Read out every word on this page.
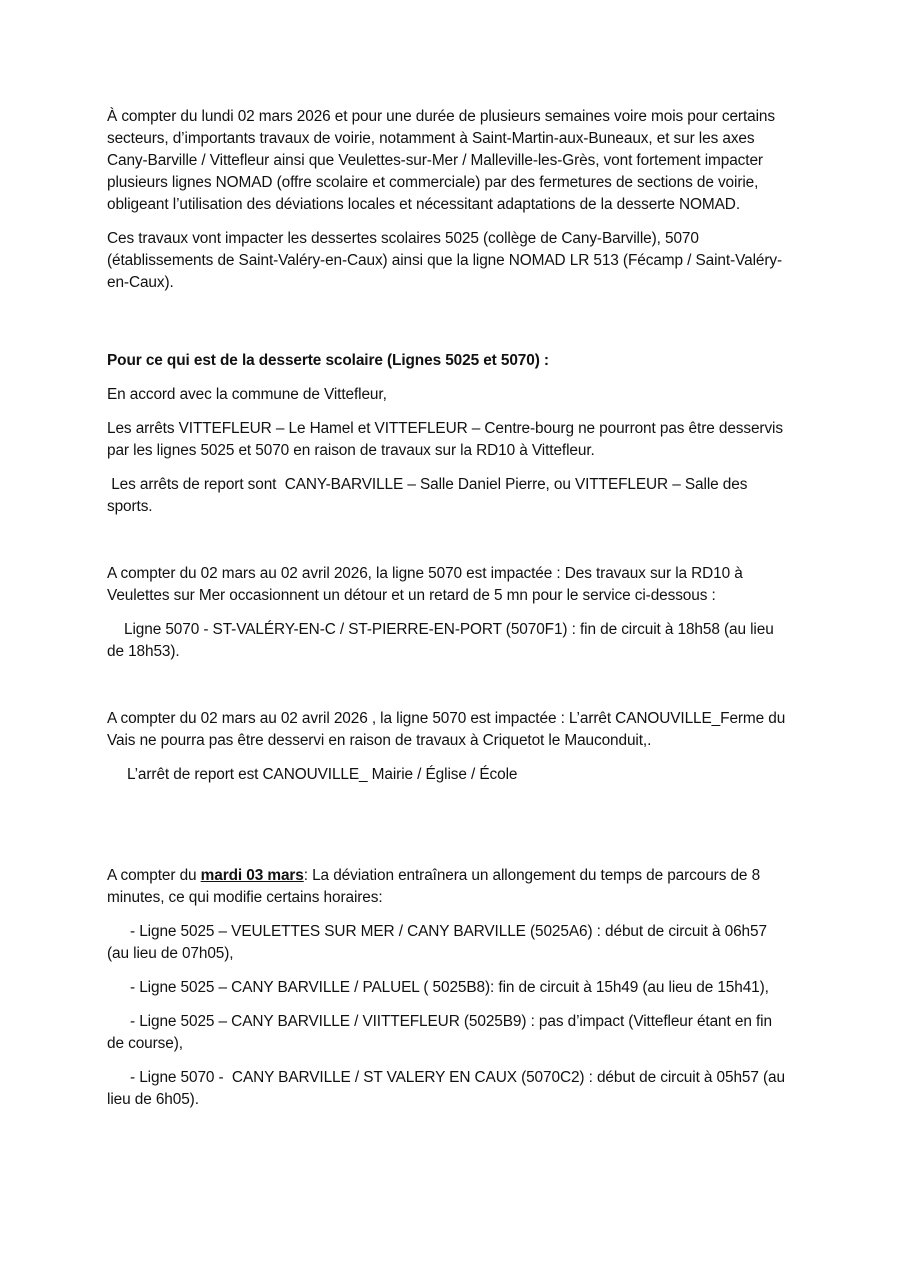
À compter du lundi 02 mars 2026 et pour une durée de plusieurs semaines voire mois pour certains secteurs, d’importants travaux de voirie, notamment à Saint-Martin-aux-Buneaux, et sur les axes Cany-Barville / Vittefleur ainsi que Veulettes-sur-Mer / Malleville-les-Grès, vont fortement impacter plusieurs lignes NOMAD (offre scolaire et commerciale) par des fermetures de sections de voirie, obligeant l’utilisation des déviations locales et nécessitant adaptations de la desserte NOMAD.

Ces travaux vont impacter les dessertes scolaires 5025 (collège de Cany-Barville), 5070 (établissements de Saint-Valéry-en-Caux) ainsi que la ligne NOMAD LR 513 (Fécamp / Saint-Valéry-en-Caux).

Pour ce qui est de la desserte scolaire (Lignes 5025 et 5070) :

En accord avec la commune de Vittefleur,

Les arrêts VITTEFLEUR – Le Hamel et VITTEFLEUR – Centre-bourg ne pourront pas être desservis par les lignes 5025 et 5070 en raison de travaux sur la RD10 à Vittefleur.

Les arrêts de report sont  CANY-BARVILLE – Salle Daniel Pierre, ou VITTEFLEUR – Salle des sports.

A compter du 02 mars au 02 avril 2026, la ligne 5070 est impactée : Des travaux sur la RD10 à Veulettes sur Mer occasionnent un détour et un retard de 5 mn pour le service ci-dessous :

Ligne 5070 - ST-VALÉRY-EN-C / ST-PIERRE-EN-PORT (5070F1) : fin de circuit à 18h58 (au lieu de 18h53).

A compter du 02 mars au 02 avril 2026 , la ligne 5070 est impactée : L’arrêt CANOUVILLE_Ferme du Vais ne pourra pas être desservi en raison de travaux à Criquetot le Mauconduit,.

L’arrêt de report est CANOUVILLE_ Mairie / Église / École

A compter du mardi 03 mars: La déviation entraînera un allongement du temps de parcours de 8 minutes, ce qui modifie certains horaires:

- Ligne 5025 – VEULETTES SUR MER / CANY BARVILLE (5025A6) : début de circuit à 06h57 (au lieu de 07h05),

- Ligne 5025 – CANY BARVILLE / PALUEL ( 5025B8): fin de circuit à 15h49 (au lieu de 15h41),

- Ligne 5025 – CANY BARVILLE / VIITTEFLEUR (5025B9) : pas d’impact (Vittefleur étant en fin de course),

- Ligne 5070 -  CANY BARVILLE / ST VALERY EN CAUX (5070C2) : début de circuit à 05h57 (au lieu de 6h05).
